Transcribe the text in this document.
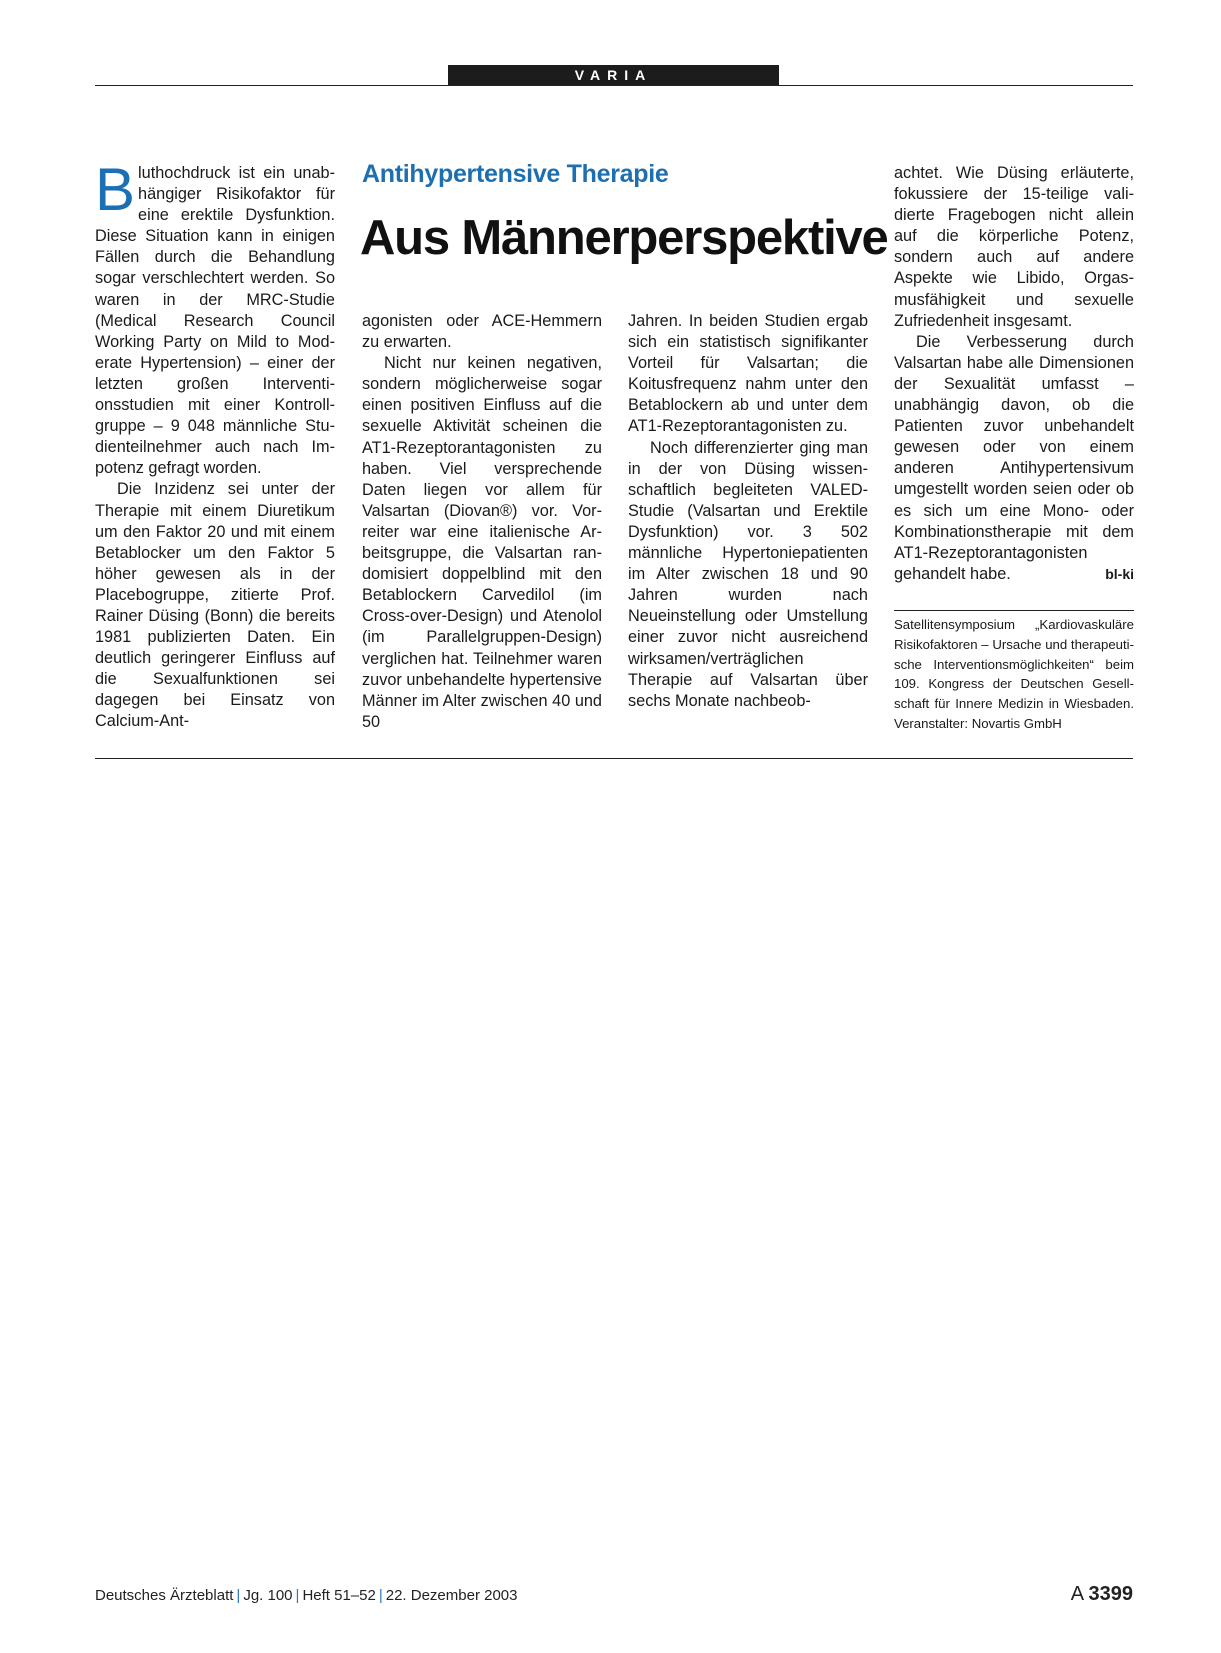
VARIA
Antihypertensive Therapie
Aus Männerperspektive

Bluthochdruck ist ein unabhängiger Risikofaktor für eine erektile Dysfunktion. Diese Situation kann in einigen Fällen durch die Behandlung sogar verschlechtert werden. So waren in der MRC-Studie (Medical Research Council Working Party on Mild to Moderate Hypertension) – einer der letzten großen Interventionsstudien mit einer Kontrollgruppe – 9 048 männliche Studienteilnehmer auch nach Impotenz gefragt worden.

Die Inzidenz sei unter der Therapie mit einem Diuretikum um den Faktor 20 und mit einem Betablocker um den Faktor 5 höher gewesen als in der Placebogruppe, zitierte Prof. Rainer Düsing (Bonn) die bereits 1981 publizierten Daten. Ein deutlich geringerer Einfluss auf die Sexualfunktionen sei dagegen bei Einsatz von Calcium-Ant-

agonisten oder ACE-Hemmern zu erwarten.

Nicht nur keinen negativen, sondern möglicherweise sogar einen positiven Einfluss auf die sexuelle Aktivität scheinen die AT1-Rezeptorantagonisten zu haben. Viel versprechende Daten liegen vor allem für Valsartan (Diovan®) vor. Vorreiter war eine italienische Arbeitsgruppe, die Valsartan randomisiert doppelblind mit den Betablockern Carvedilol (im Cross-over-Design) und Atenolol (im Parallelgruppen-Design) verglichen hat. Teilnehmer waren zuvor unbehandelte hypertensive Männer im Alter zwischen 40 und 50

Jahren. In beiden Studien ergab sich ein statistisch signifikanter Vorteil für Valsartan; die Koitusfrequenz nahm unter den Betablockern ab und unter dem AT1-Rezeptorantagonisten zu.

Noch differenzierter ging man in der von Düsing wissenschaftlich begleiteten VALED-Studie (Valsartan und Erektile Dysfunktion) vor. 3 502 männliche Hypertoniepatienten im Alter zwischen 18 und 90 Jahren wurden nach Neueinstellung oder Umstellung einer zuvor nicht ausreichend wirksamen/verträglichen Therapie auf Valsartan über sechs Monate nachbeob-

achtet. Wie Düsing erläuterte, fokussiere der 15-teilige validierte Fragebogen nicht allein auf die körperliche Potenz, sondern auch auf andere Aspekte wie Libido, Orgasmusfähigkeit und sexuelle Zufriedenheit insgesamt.

Die Verbesserung durch Valsartan habe alle Dimensionen der Sexualität umfasst – unabhängig davon, ob die Patienten zuvor unbehandelt gewesen oder von einem anderen Antihypertensivum umgestellt worden seien oder ob es sich um eine Mono- oder Kombinationstherapie mit dem AT1-Rezeptorantagonisten gehandelt habe.	bl-ki

Satellitensymposium „Kardiovaskuläre Risikofaktoren – Ursache und therapeutische Interventionsmöglichkeiten“ beim 109. Kongress der Deutschen Gesellschaft für Innere Medizin in Wiesbaden. Veranstalter: Novartis GmbH
Deutsches Ärzteblatt | Jg. 100 | Heft 51–52 | 22. Dezember 2003	A 3399
